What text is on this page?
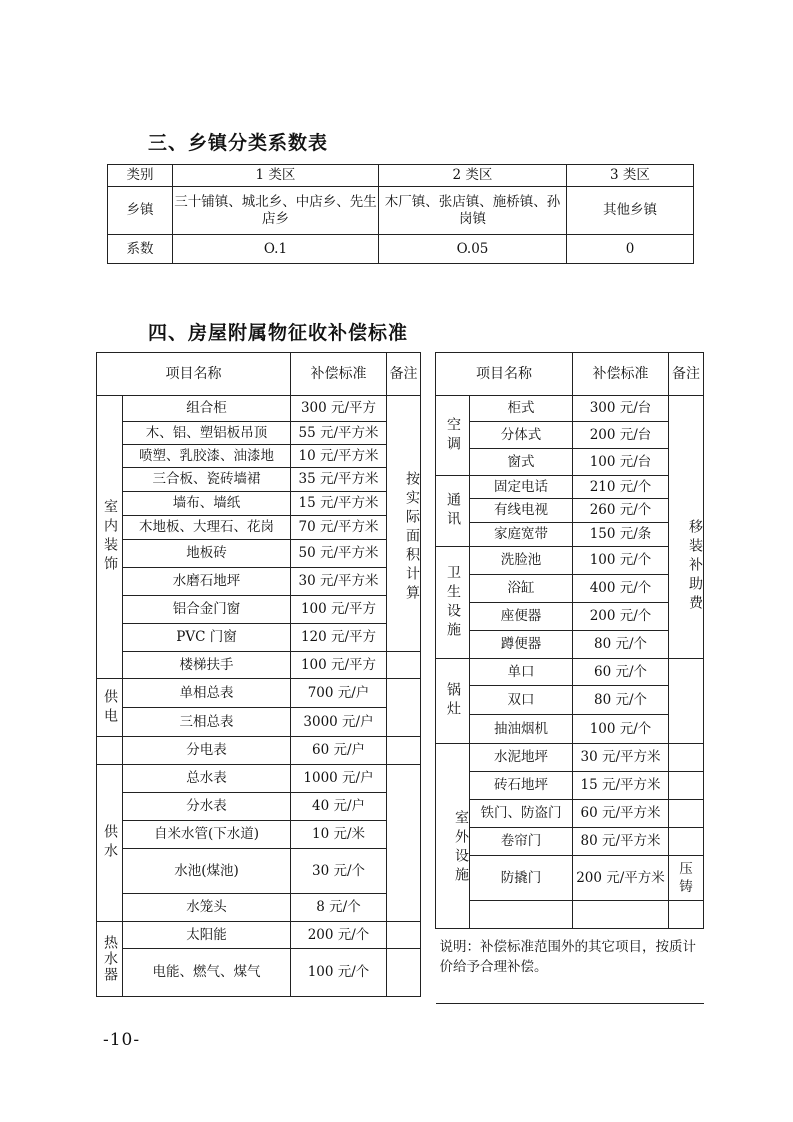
三、乡镇分类系数表
类别	1 类区	2 类区	3 类区
乡镇	三十铺镇、城北乡、中店乡、先生店乡	木厂镇、张店镇、施桥镇、孙岗镇	其他乡镇
系数	O.1	O.05	0
四、房屋附属物征收补偿标准
项目名称		补偿标准	备注
室内装饰	组合柜	300 元/平方	按实际面积计算
	木、铝、塑铝板吊顶	55 元/平方米	
	喷塑、乳胶漆、油漆地	10 元/平方米	
	三合板、瓷砖墙裙	35 元/平方米	
	墙布、墙纸	15 元/平方米	
	木地板、大理石、花岗	70 元/平方米	
	地板砖	50 元/平方米	
	水磨石地坪	30 元/平方米	
	铝合金门窗	100 元/平方	

	PVC 门窗	120 元/平方	

	楼梯扶手	100 元/平方	

供电	单相总表	700 元/户	
	三相总表	3000 元/户	
	分电表	60 元/户	
供水	总水表	1000 元/户	
	分水表	40 元/户	
	自米水管(下水道)	10 元/米	
	水池(煤池)	30 元/个	
	水笼头	8 元/个	
热水器	太阳能	200 元/个	
	电能、燃气、煤气	100 元/个	
项目名称		补偿标准	备注
空调	柜式	300 元/台	移装补助费
	分体式	200 元/台	
	窗式	100 元/台	
通讯	固定电话	210 元/个	
	有线电视	260 元/个	
	家庭宽带	150 元/条	
卫生设施	洗脸池	100 元/个	
	浴缸	400 元/个	
	座便器	200 元/个	
	蹲便器	80 元/个	
锅灶	单口	60 元/个	
	双口	80 元/个	
	抽油烟机	100 元/个	
室外设施	水泥地坪	30 元/平方米	
	砖石地坪	15 元/平方米	
	铁门、防盗门	60 元/平方米	
	卷帘门	80 元/平方米	
	防撬门	200 元/平方米	压铸

说明：补偿标准范围外的其它项目，按质计价给予合理补偿。			
-10-
